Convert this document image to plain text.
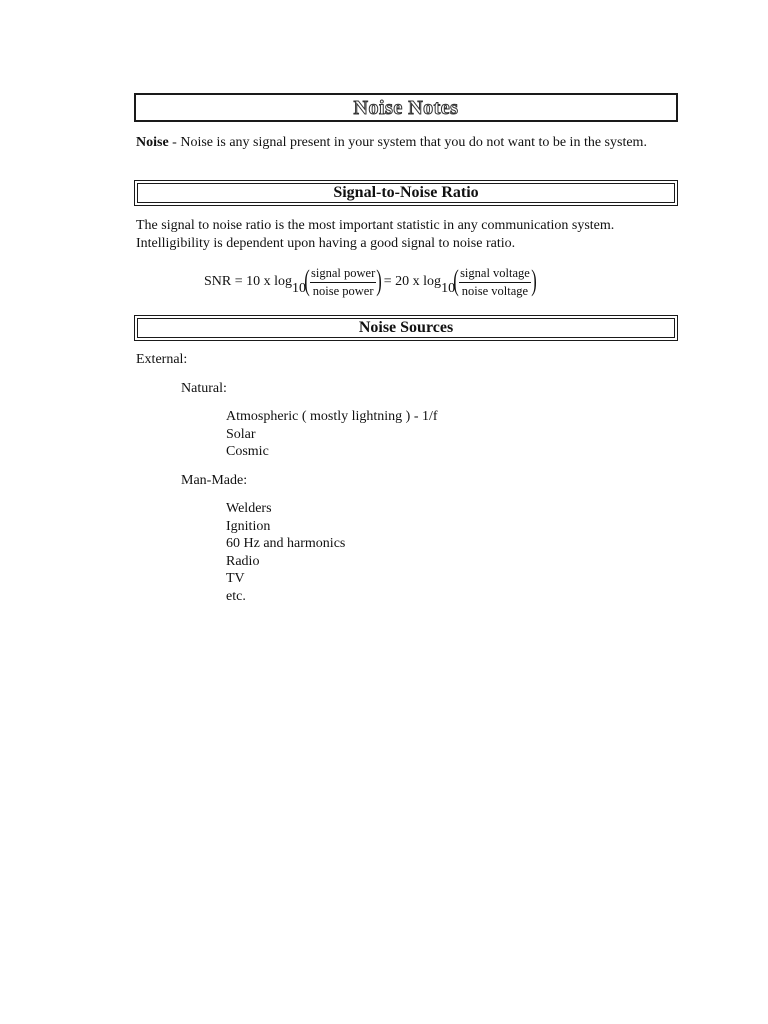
Noise Notes
Noise - Noise is any signal present in your system that you do not want to be in the system.
Signal-to-Noise Ratio
The signal to noise ratio is the most important statistic in any communication system. Intelligibility is dependent upon having a good signal to noise ratio.
SNR = 10 x log 10
( $\frac{\text{signal power}}{\text{noise power}}$ )
= 20 x log 10
( $\frac{\text{signal voltage}}{\text{noise voltage}}$ )
Noise Sources
External:
Natural:
Atmospheric ( mostly lightning ) - 1/f
Solar
Cosmic
Man-Made:
Welders
Ignition
60 Hz and harmonics
Radio
TV
etc.
